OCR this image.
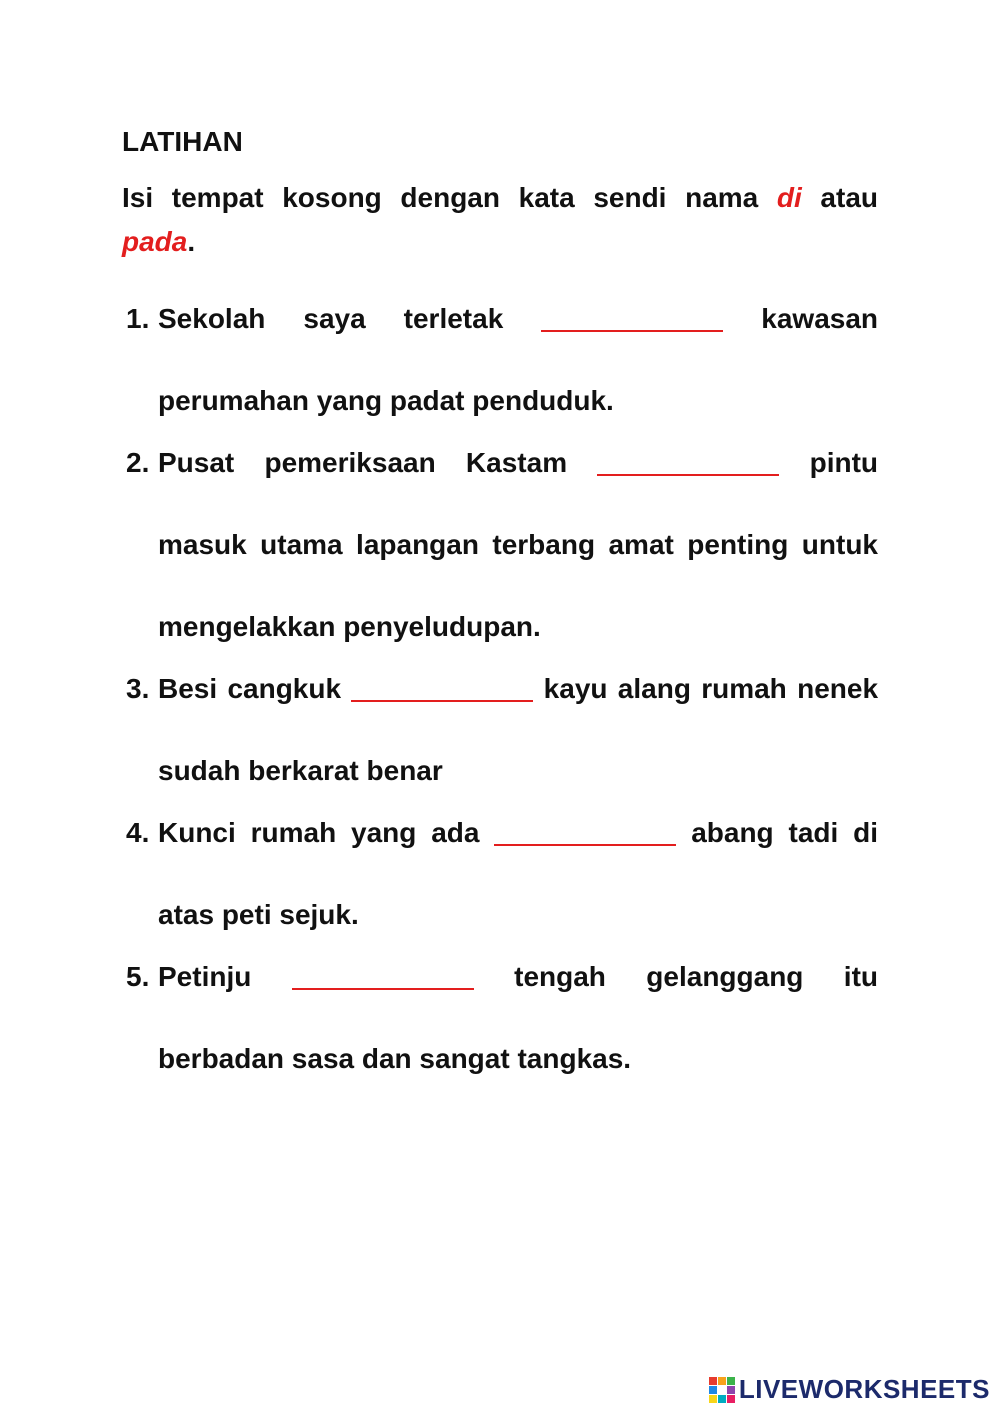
LATIHAN

Isi tempat kosong dengan kata sendi nama di atau pada.
1. Sekolah saya terletak	kawasan perumahan yang padat penduduk.
2. Pusat pemeriksaan Kastam	pintu masuk utama lapangan terbang amat penting untuk mengelakkan penyeludupan.
3. Besi cangkuk	kayu alang rumah nenek sudah berkarat benar
4. Kunci rumah yang ada	abang tadi di atas peti sejuk.
5. Petinju	tengah gelanggang itu berbadan sasa dan sangat tangkas.
LIVEWORKSHEETS
